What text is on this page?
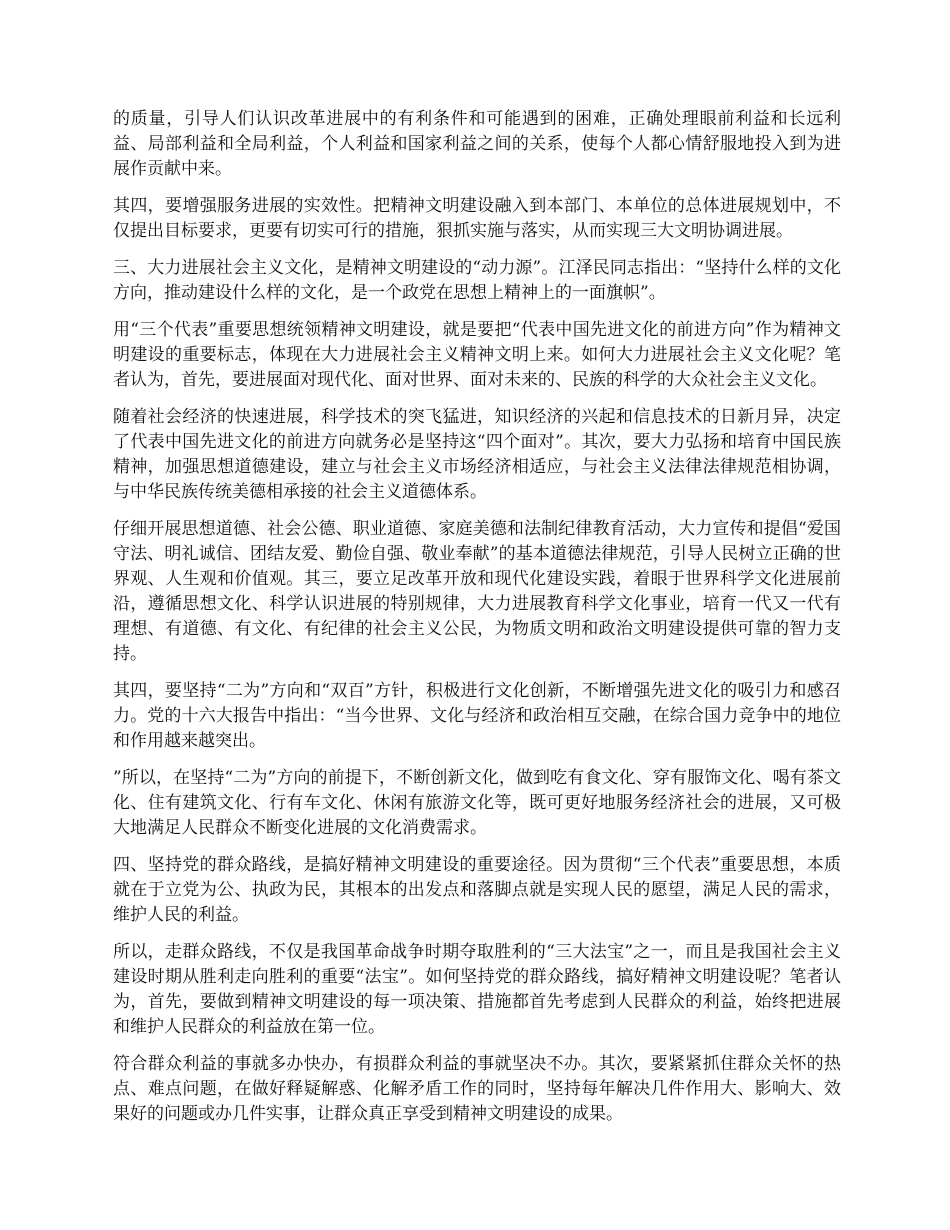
的质量，引导人们认识改革进展中的有利条件和可能遇到的困难，正确处理眼前利益和长远利益、局部利益和全局利益，个人利益和国家利益之间的关系，使每个人都心情舒服地投入到为进展作贡献中来。

其四，要增强服务进展的实效性。把精神文明建设融入到本部门、本单位的总体进展规划中，不仅提出目标要求，更要有切实可行的措施，狠抓实施与落实，从而实现三大文明协调进展。

三、大力进展社会主义文化，是精神文明建设的“动力源”。江泽民同志指出：“坚持什么样的文化方向，推动建设什么样的文化，是一个政党在思想上精神上的一面旗帜”。

用“三个代表”重要思想统领精神文明建设，就是要把“代表中国先进文化的前进方向”作为精神文明建设的重要标志，体现在大力进展社会主义精神文明上来。如何大力进展社会主义文化呢？笔者认为，首先，要进展面对现代化、面对世界、面对未来的、民族的科学的大众社会主义文化。

随着社会经济的快速进展，科学技术的突飞猛进，知识经济的兴起和信息技术的日新月异，决定了代表中国先进文化的前进方向就务必是坚持这“四个面对”。其次，要大力弘扬和培育中国民族精神，加强思想道德建设，建立与社会主义市场经济相适应，与社会主义法律法律规范相协调，与中华民族传统美德相承接的社会主义道德体系。

仔细开展思想道德、社会公德、职业道德、家庭美德和法制纪律教育活动，大力宣传和提倡“爱国守法、明礼诚信、团结友爱、勤俭自强、敬业奉献”的基本道德法律规范，引导人民树立正确的世界观、人生观和价值观。其三，要立足改革开放和现代化建设实践，着眼于世界科学文化进展前沿，遵循思想文化、科学认识进展的特别规律，大力进展教育科学文化事业，培育一代又一代有理想、有道德、有文化、有纪律的社会主义公民，为物质文明和政治文明建设提供可靠的智力支持。

其四，要坚持“二为”方向和“双百”方针，积极进行文化创新，不断增强先进文化的吸引力和感召力。党的十六大报告中指出：“当今世界、文化与经济和政治相互交融，在综合国力竞争中的地位和作用越来越突出。

”所以，在坚持“二为”方向的前提下，不断创新文化，做到吃有食文化、穿有服饰文化、喝有茶文化、住有建筑文化、行有车文化、休闲有旅游文化等，既可更好地服务经济社会的进展，又可极大地满足人民群众不断变化进展的文化消费需求。

四、坚持党的群众路线，是搞好精神文明建设的重要途径。因为贯彻“三个代表”重要思想，本质就在于立党为公、执政为民，其根本的出发点和落脚点就是实现人民的愿望，满足人民的需求，维护人民的利益。

所以，走群众路线，不仅是我国革命战争时期夺取胜利的“三大法宝”之一，而且是我国社会主义建设时期从胜利走向胜利的重要“法宝”。如何坚持党的群众路线，搞好精神文明建设呢？笔者认为，首先，要做到精神文明建设的每一项决策、措施都首先考虑到人民群众的利益，始终把进展和维护人民群众的利益放在第一位。

符合群众利益的事就多办快办，有损群众利益的事就坚决不办。其次，要紧紧抓住群众关怀的热点、难点问题，在做好释疑解惑、化解矛盾工作的同时，坚持每年解决几件作用大、影响大、效果好的问题或办几件实事，让群众真正享受到精神文明建设的成果。
